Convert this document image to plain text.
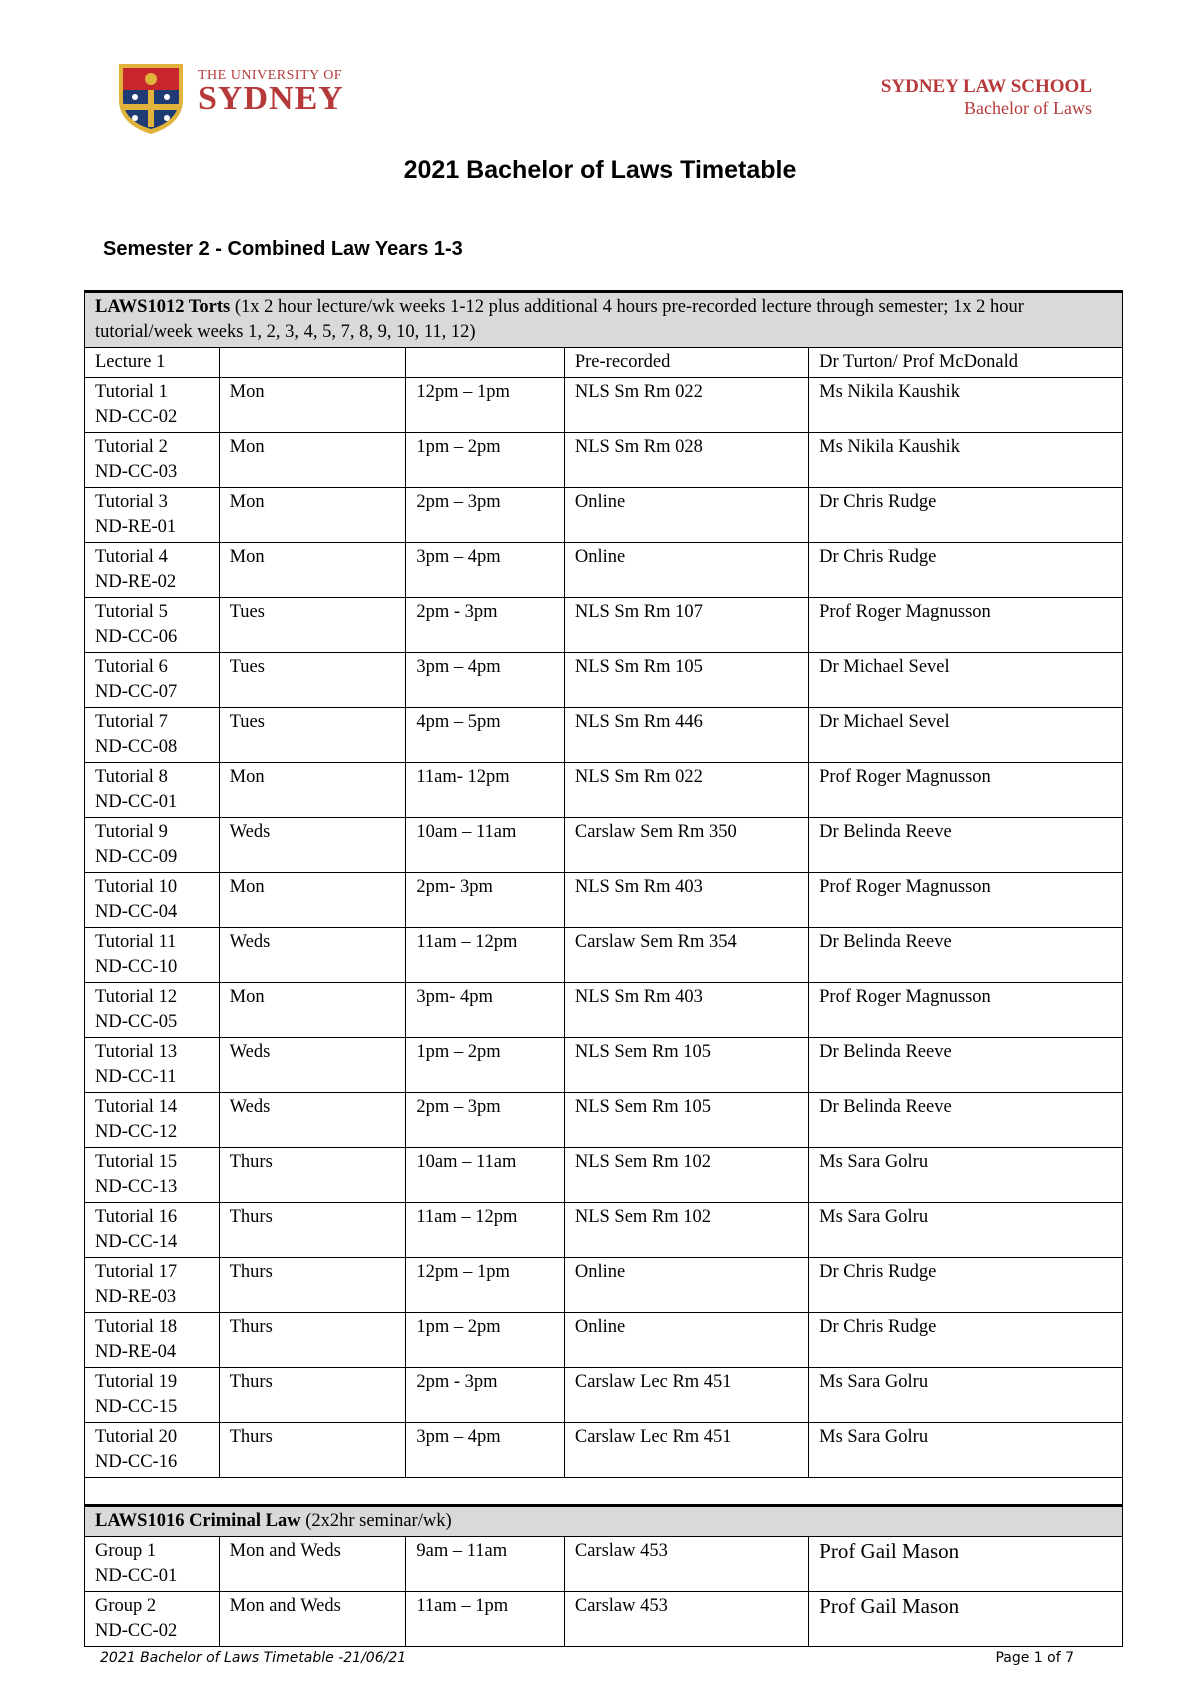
THE UNIVERSITY OF
SYDNEY	SYDNEY LAW SCHOOL
Bachelor of Laws
2021 Bachelor of Laws Timetable
Semester 2 - Combined Law Years 1-3
LAWS1012 Torts (1x 2 hour lecture/wk weeks 1-12 plus additional 4 hours pre-recorded lecture through semester; 1x 2 hour tutorial/week weeks 1, 2, 3, 4, 5, 7, 8, 9, 10, 11, 12)				
Lecture 1			Pre-recorded	Dr Turton/ Prof McDonald

Tutorial 1
ND-CC-02	Mon	12pm – 1pm	NLS Sm Rm 022	Ms Nikila Kaushik

Tutorial 2
ND-CC-03	Mon	1pm – 2pm	NLS Sm Rm 028	Ms Nikila Kaushik

Tutorial 3
ND-RE-01	Mon	2pm – 3pm	Online	Dr Chris Rudge

Tutorial 4
ND-RE-02	Mon	3pm – 4pm	Online	Dr Chris Rudge

Tutorial 5
ND-CC-06	Tues	2pm - 3pm	NLS Sm Rm 107	Prof Roger Magnusson

Tutorial 6
ND-CC-07	Tues	3pm – 4pm	NLS Sm Rm 105	Dr Michael Sevel

Tutorial 7
ND-CC-08	Tues	4pm – 5pm	NLS Sm Rm 446	Dr Michael Sevel

Tutorial 8
ND-CC-01	Mon	11am- 12pm	NLS Sm Rm 022	Prof Roger Magnusson

Tutorial 9
ND-CC-09	Weds	10am – 11am	Carslaw Sem Rm 350	Dr Belinda Reeve

Tutorial 10
ND-CC-04	Mon	2pm- 3pm	NLS Sm Rm 403	Prof Roger Magnusson

Tutorial 11
ND-CC-10	Weds	11am – 12pm	Carslaw Sem Rm 354	Dr Belinda Reeve

Tutorial 12
ND-CC-05	Mon	3pm- 4pm	NLS Sm Rm 403	Prof Roger Magnusson

Tutorial 13
ND-CC-11	Weds	1pm – 2pm	NLS Sem Rm 105	Dr Belinda Reeve

Tutorial 14
ND-CC-12	Weds	2pm – 3pm	NLS Sem Rm 105	Dr Belinda Reeve

Tutorial 15
ND-CC-13	Thurs	10am – 11am	NLS Sem Rm 102	Ms Sara Golru

Tutorial 16
ND-CC-14	Thurs	11am – 12pm	NLS Sem Rm 102	Ms Sara Golru

Tutorial 17
ND-RE-03	Thurs	12pm – 1pm	Online	Dr Chris Rudge

Tutorial 18
ND-RE-04	Thurs	1pm – 2pm	Online	Dr Chris Rudge

Tutorial 19
ND-CC-15	Thurs	2pm - 3pm	Carslaw Lec Rm 451	Ms Sara Golru

Tutorial 20
ND-CC-16	Thurs	3pm – 4pm	Carslaw Lec Rm 451	Ms Sara Golru

LAWS1016 Criminal Law (2x2hr seminar/wk)				

Group 1
ND-CC-01	Mon and Weds	9am – 11am	Carslaw 453	Prof Gail Mason

Group 2
ND-CC-02	Mon and Weds	11am – 1pm	Carslaw 453	Prof Gail Mason
2021 Bachelor of Laws Timetable -21/06/21	Page 1 of 7
